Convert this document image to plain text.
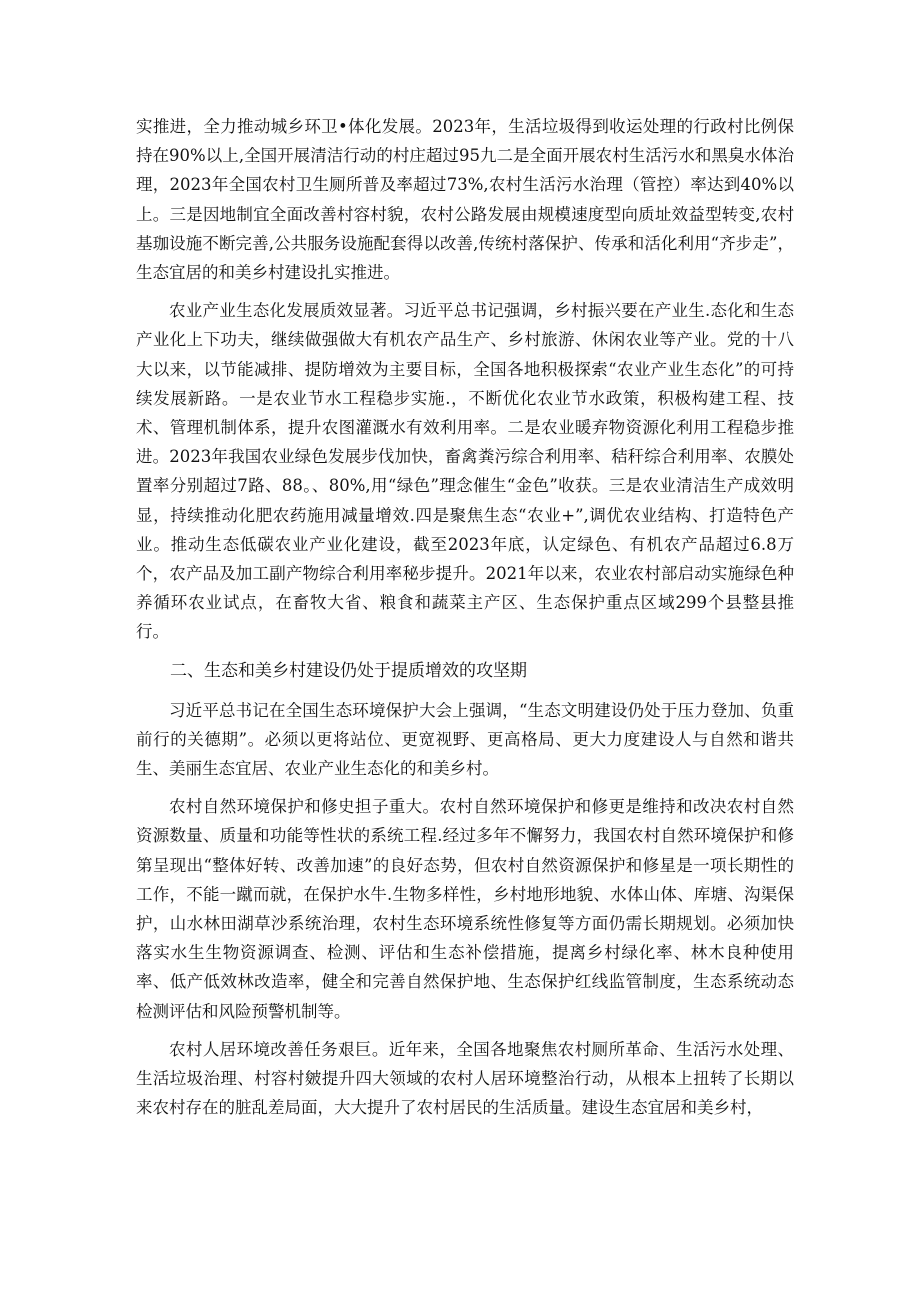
实推进，全力推动城乡环卫•体化发展。2023年，生活垃圾得到收运处理的行政村比例保持在90%以上,全国开展清洁行动的村庄超过95九二是全面开展农村生活污水和黑臭水体治理，2023年全国农村卫生厕所普及率超过73%,农村生活污水治理（管控）率达到40%以上。三是因地制宜全面改善村容村貌，农村公路发展由规模速度型向质址效益型转变,农村基珈设施不断完善,公共服务设施配套得以改善,传统村落保护、传承和活化利用“齐步走”，生态宜居的和美乡村建设扎实推进。

农业产业生态化发展质效显著。习近平总书记强调，乡村振兴要在产业生.态化和生态产业化上下功夫，继续做强做大有机农产品生产、乡村旅游、休闲农业等产业。党的十八大以来，以节能减排、提防增效为主要目标，全国各地积极探索“农业产业生态化”的可持续发展新路。一是农业节水工程稳步实施.，不断优化农业节水政策，积极构建工程、技术、管理机制体系，提升农图灌溉水有效利用率。二是农业暖弃物资源化利用工程稳步推进。2023年我国农业绿色发展步伐加快，畜禽粪污综合利用率、秸秆综合利用率、农膜处置率分别超过7路、88。、80%,用“绿色”理念催生“金色”收获。三是农业清洁生产成效明显，持续推动化肥农药施用减量增效.四是聚焦生态“农业+”,调优农业结构、打造特色产业。推动生态低碳农业产业化建设，截至2023年底，认定绿色、有机农产品超过6.8万个，农产品及加工副产物综合利用率秘步提升。2021年以来，农业农村部启动实施绿色种养循环农业试点，在畜牧大省、粮食和蔬菜主产区、生态保护重点区域299个县整县推行。

二、生态和美乡村建设仍处于提质增效的攻坚期

习近平总书记在全国生态环境保护大会上强调，“生态文明建设仍处于压力登加、负重前行的关德期”。必须以更将站位、更宽视野、更高格局、更大力度建设人与自然和谐共生、美丽生态宜居、农业产业生态化的和美乡村。

农村自然环境保护和修史担子重大。农村自然环境保护和修更是维持和改决农村自然资源数量、质量和功能等性状的系统工程.经过多年不懈努力，我国农村自然环境保护和修第呈现出“整体好转、改善加速”的良好态势，但农村自然资源保护和修星是一项长期性的工作，不能一蹴而就，在保护水牛.生物多样性，乡村地形地貌、水体山体、库塘、沟渠保护，山水林田湖草沙系统治理，农村生态环境系统性修复等方面仍需长期规划。必须加快落实水生生物资源调查、检测、评估和生态补偿措施，提离乡村绿化率、林木良种使用率、低产低效林改造率，健全和完善自然保护地、生态保护红线监管制度，生态系统动态检测评估和风险预警机制等。

农村人居环境改善任务艰巨。近年来，全国各地聚焦农村厕所革命、生活污水处理、生活垃圾治理、村容村皴提升四大领域的农村人居环境整治行动，从根本上扭转了长期以来农村存在的脏乱差局面，大大提升了农村居民的生活质量。建设生态宜居和美乡村，
